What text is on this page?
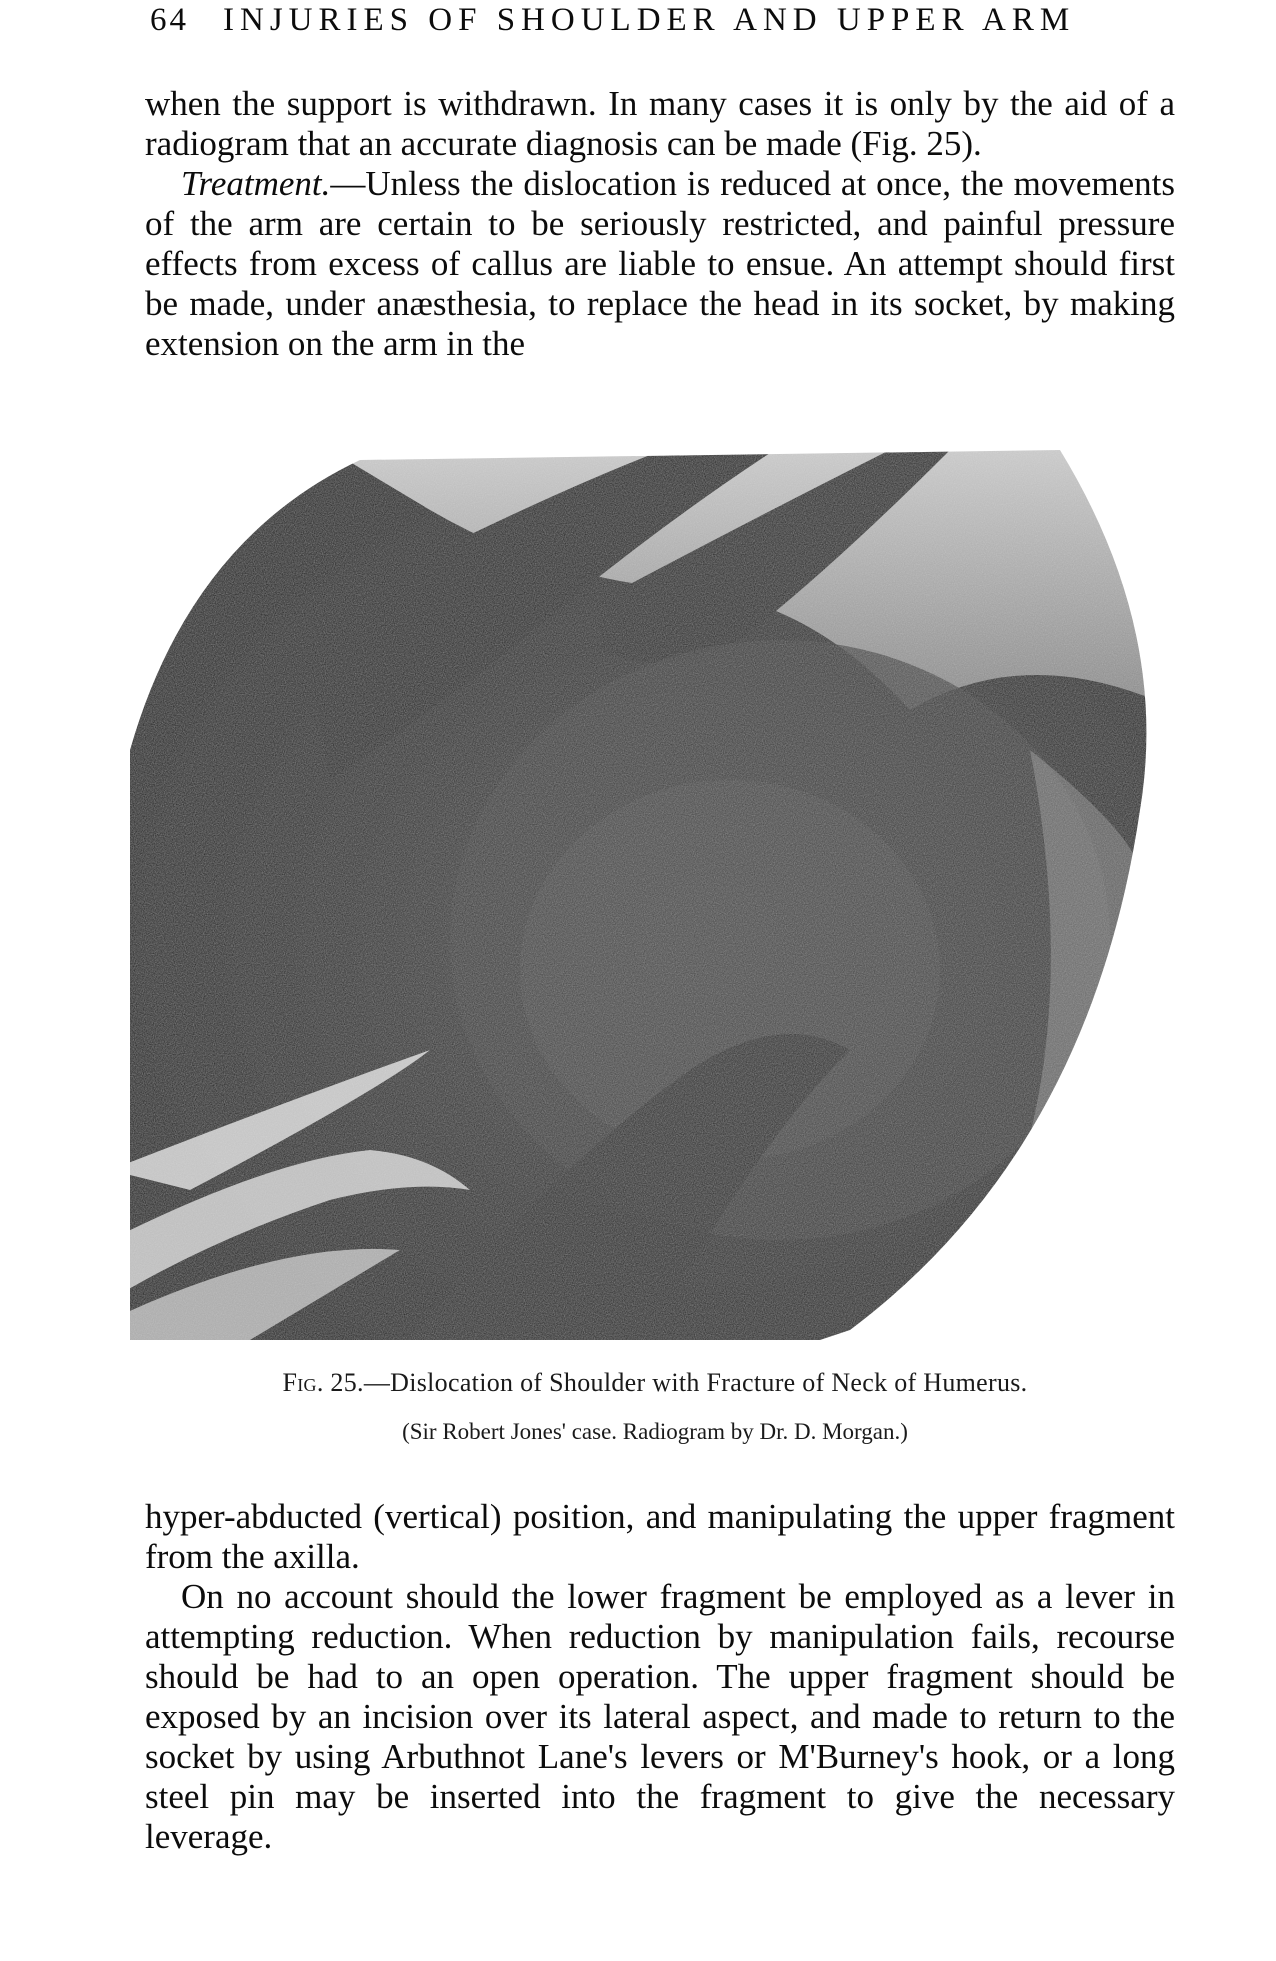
64 INJURIES OF SHOULDER AND UPPER ARM

when the support is withdrawn. In many cases it is only by the aid of a radiogram that an accurate diagnosis can be made (Fig. 25).

Treatment.—Unless the dislocation is reduced at once, the movements of the arm are certain to be seriously restricted, and painful pressure effects from excess of callus are liable to ensue. An attempt should first be made, under anæsthesia, to replace the head in its socket, by making extension on the arm in the

Fig. 25.—Dislocation of Shoulder with Fracture of Neck of Humerus.
(Sir Robert Jones' case. Radiogram by Dr. D. Morgan.)

hyper-abducted (vertical) position, and manipulating the upper fragment from the axilla.

On no account should the lower fragment be employed as a lever in attempting reduction. When reduction by manipulation fails, recourse should be had to an open operation. The upper fragment should be exposed by an incision over its lateral aspect, and made to return to the socket by using Arbuthnot Lane's levers or M'Burney's hook, or a long steel pin may be inserted into the fragment to give the necessary leverage.
